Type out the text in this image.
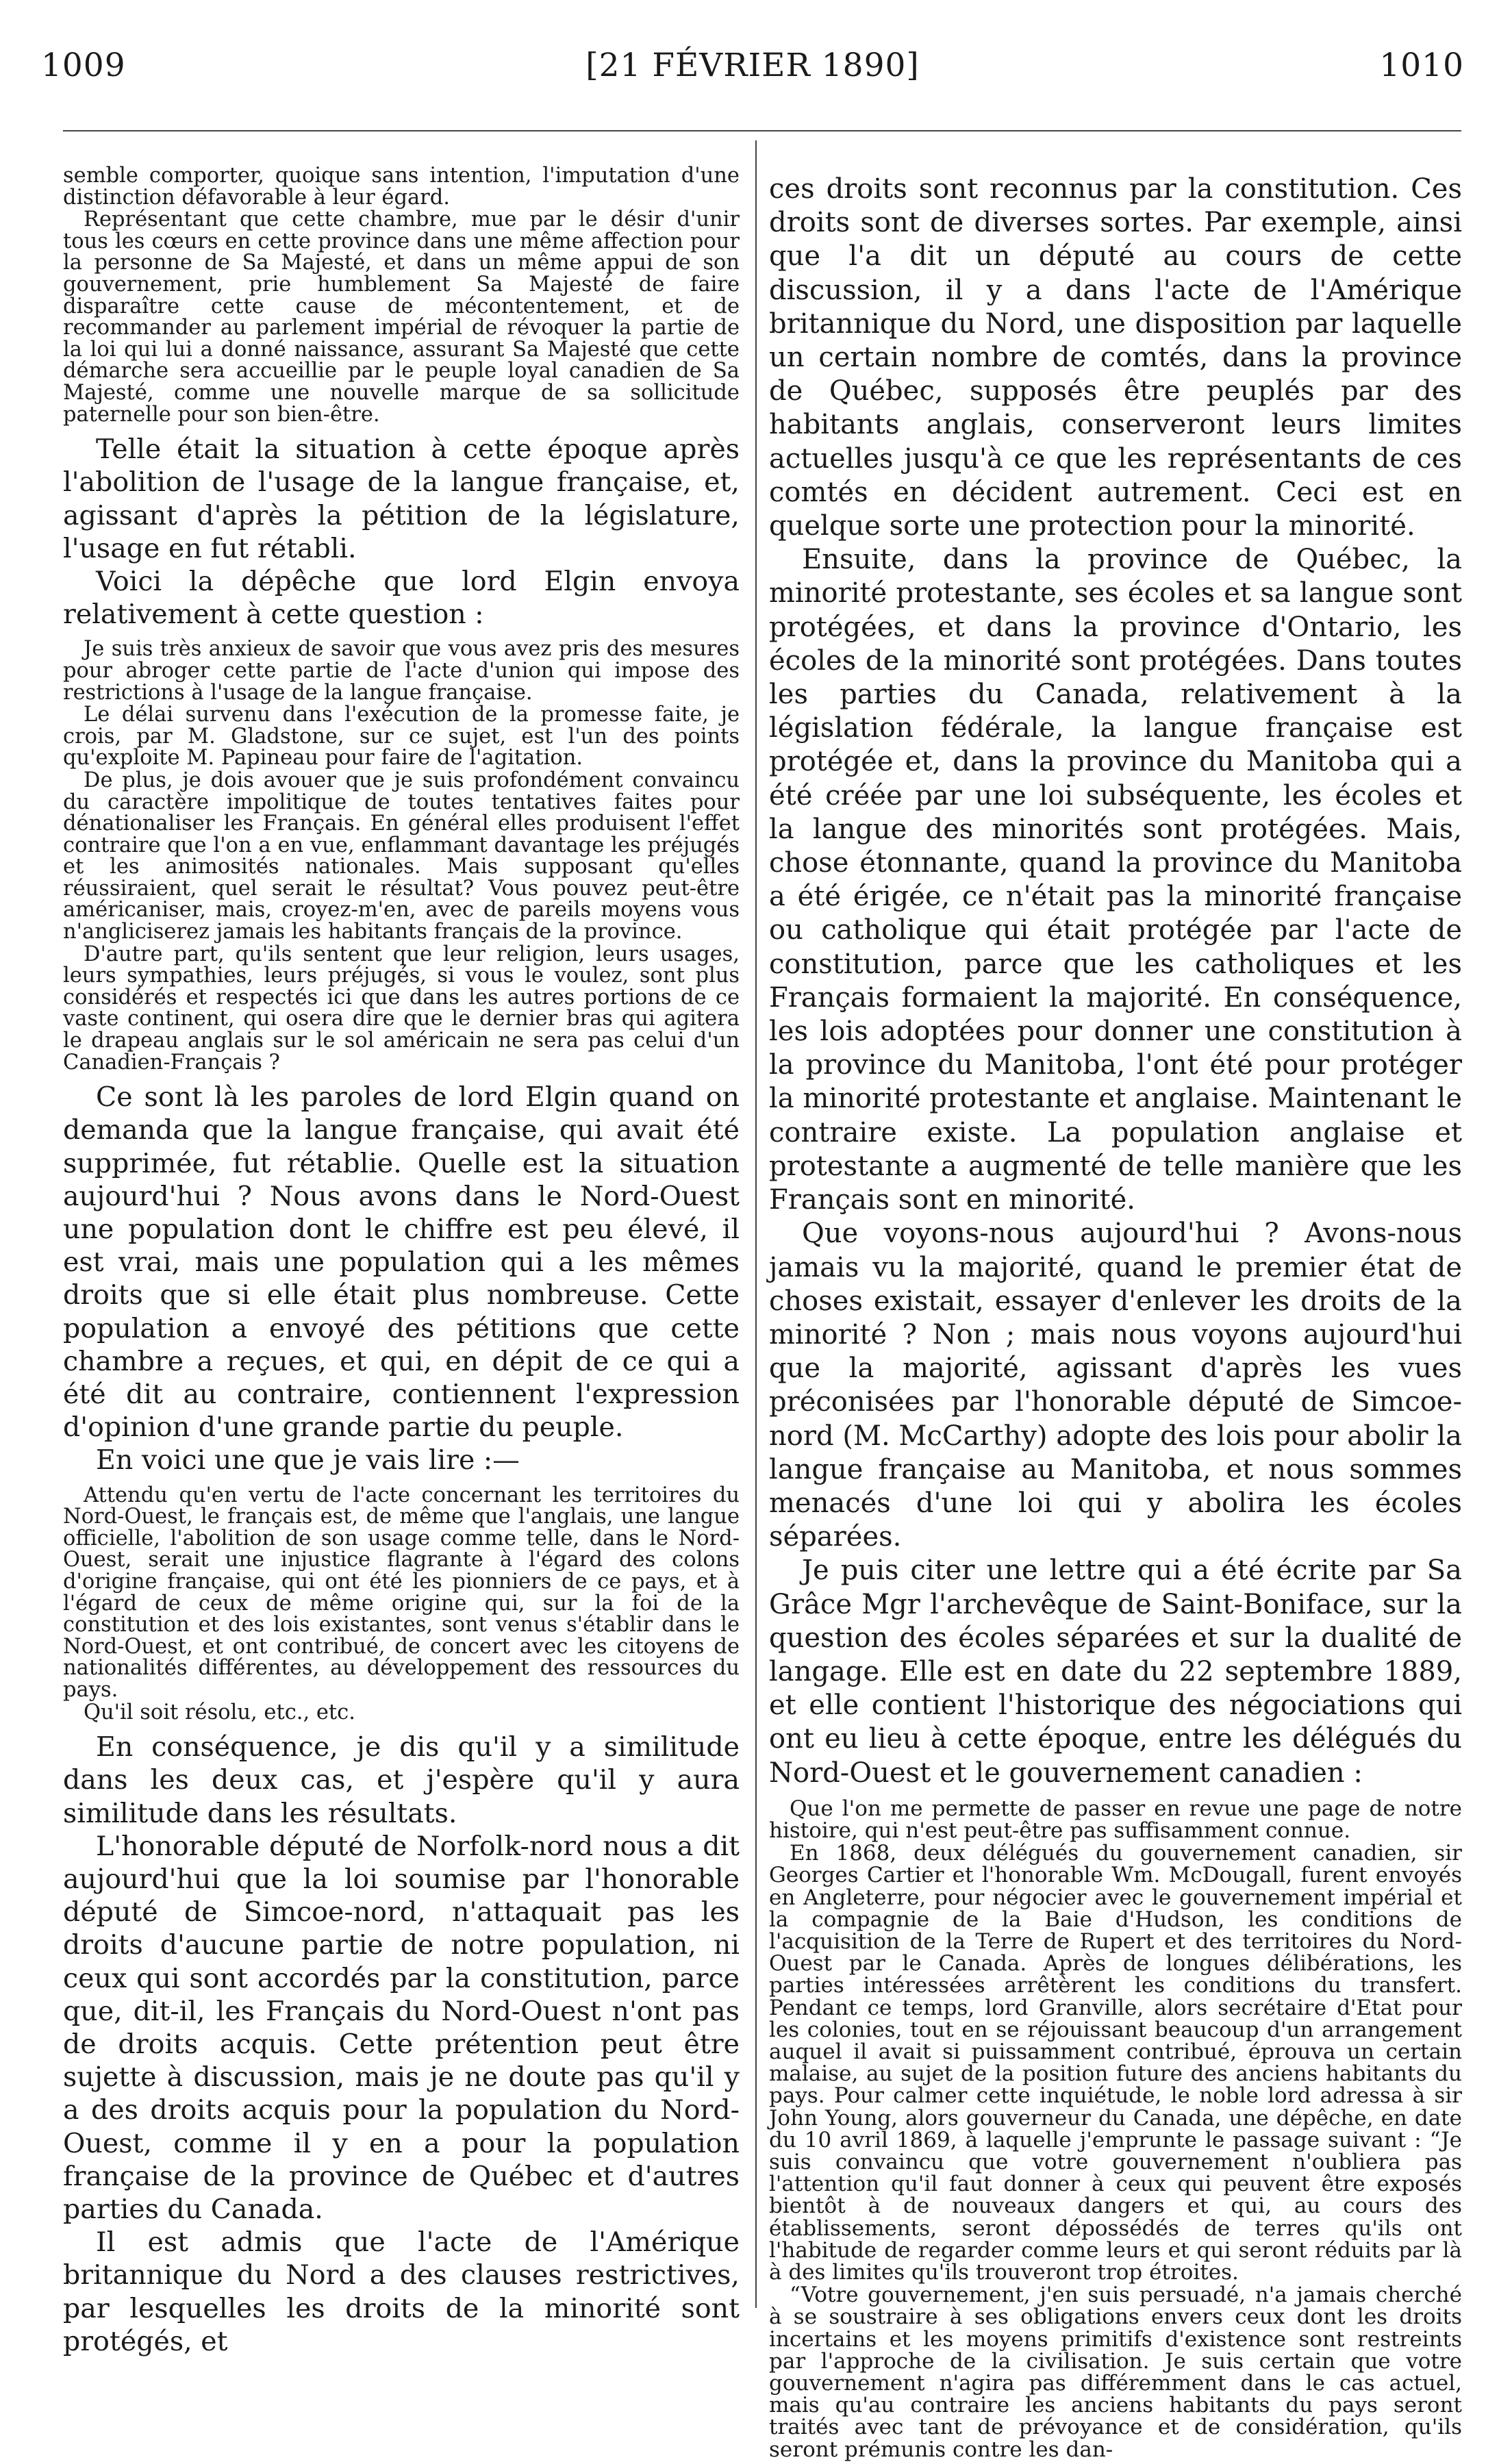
1009	[21 FÉVRIER 1890]	1010

semble comporter, quoique sans intention, l'imputation d'une distinction défavorable à leur égard.

Représentant que cette chambre, mue par le désir d'unir tous les cœurs en cette province dans une même affection pour la personne de Sa Majesté, et dans un même appui de son gouvernement, prie humblement Sa Majesté de faire disparaître cette cause de mécontentement, et de recommander au parlement impérial de révoquer la partie de la loi qui lui a donné naissance, assurant Sa Majesté que cette démarche sera accueillie par le peuple loyal canadien de Sa Majesté, comme une nouvelle marque de sa sollicitude paternelle pour son bien-être.

Telle était la situation à cette époque après l'abolition de l'usage de la langue française, et, agissant d'après la pétition de la législature, l'usage en fut rétabli.

Voici la dépêche que lord Elgin envoya relativement à cette question :

Je suis très anxieux de savoir que vous avez pris des mesures pour abroger cette partie de l'acte d'union qui impose des restrictions à l'usage de la langue française.

Le délai survenu dans l'exécution de la promesse faite, je crois, par M. Gladstone, sur ce sujet, est l'un des points qu'exploite M. Papineau pour faire de l'agitation.

De plus, je dois avouer que je suis profondément convaincu du caractère impolitique de toutes tentatives faites pour dénationaliser les Français. En général elles produisent l'effet contraire que l'on a en vue, enflammant davantage les préjugés et les animosités nationales. Mais supposant qu'elles réussiraient, quel serait le résultat? Vous pouvez peut-être américaniser, mais, croyez-m'en, avec de pareils moyens vous n'angliciserez jamais les habitants français de la province.

D'autre part, qu'ils sentent que leur religion, leurs usages, leurs sympathies, leurs préjugés, si vous le voulez, sont plus considérés et respectés ici que dans les autres portions de ce vaste continent, qui osera dire que le dernier bras qui agitera le drapeau anglais sur le sol américain ne sera pas celui d'un Canadien-Français ?

Ce sont là les paroles de lord Elgin quand on demanda que la langue française, qui avait été supprimée, fut rétablie. Quelle est la situation aujourd'hui ? Nous avons dans le Nord-Ouest une population dont le chiffre est peu élevé, il est vrai, mais une population qui a les mêmes droits que si elle était plus nombreuse. Cette population a envoyé des pétitions que cette chambre a reçues, et qui, en dépit de ce qui a été dit au contraire, contiennent l'expression d'opinion d'une grande partie du peuple.

En voici une que je vais lire :—

Attendu qu'en vertu de l'acte concernant les territoires du Nord-Ouest, le français est, de même que l'anglais, une langue officielle, l'abolition de son usage comme telle, dans le Nord-Ouest, serait une injustice flagrante à l'égard des colons d'origine française, qui ont été les pionniers de ce pays, et à l'égard de ceux de même origine qui, sur la foi de la constitution et des lois existantes, sont venus s'établir dans le Nord-Ouest, et ont contribué, de concert avec les citoyens de nationalités différentes, au développement des ressources du pays.

Qu'il soit résolu, etc., etc.

En conséquence, je dis qu'il y a similitude dans les deux cas, et j'espère qu'il y aura similitude dans les résultats.

L'honorable député de Norfolk-nord nous a dit aujourd'hui que la loi soumise par l'honorable député de Simcoe-nord, n'attaquait pas les droits d'aucune partie de notre population, ni ceux qui sont accordés par la constitution, parce que, dit-il, les Français du Nord-Ouest n'ont pas de droits acquis. Cette prétention peut être sujette à discussion, mais je ne doute pas qu'il y a des droits acquis pour la population du Nord-Ouest, comme il y en a pour la population française de la province de Québec et d'autres parties du Canada.

Il est admis que l'acte de l'Amérique britannique du Nord a des clauses restrictives, par lesquelles les droits de la minorité sont protégés, et

ces droits sont reconnus par la constitution. Ces droits sont de diverses sortes. Par exemple, ainsi que l'a dit un député au cours de cette discussion, il y a dans l'acte de l'Amérique britannique du Nord, une disposition par laquelle un certain nombre de comtés, dans la province de Québec, supposés être peuplés par des habitants anglais, conserveront leurs limites actuelles jusqu'à ce que les représentants de ces comtés en décident autrement. Ceci est en quelque sorte une protection pour la minorité.

Ensuite, dans la province de Québec, la minorité protestante, ses écoles et sa langue sont protégées, et dans la province d'Ontario, les écoles de la minorité sont protégées. Dans toutes les parties du Canada, relativement à la législation fédérale, la langue française est protégée et, dans la province du Manitoba qui a été créée par une loi subséquente, les écoles et la langue des minorités sont protégées. Mais, chose étonnante, quand la province du Manitoba a été érigée, ce n'était pas la minorité française ou catholique qui était protégée par l'acte de constitution, parce que les catholiques et les Français formaient la majorité. En conséquence, les lois adoptées pour donner une constitution à la province du Manitoba, l'ont été pour protéger la minorité protestante et anglaise. Maintenant le contraire existe. La population anglaise et protestante a augmenté de telle manière que les Français sont en minorité.

Que voyons-nous aujourd'hui ? Avons-nous jamais vu la majorité, quand le premier état de choses existait, essayer d'enlever les droits de la minorité ? Non ; mais nous voyons aujourd'hui que la majorité, agissant d'après les vues préconisées par l'honorable député de Simcoe-nord (M. McCarthy) adopte des lois pour abolir la langue française au Manitoba, et nous sommes menacés d'une loi qui y abolira les écoles séparées.

Je puis citer une lettre qui a été écrite par Sa Grâce Mgr l'archevêque de Saint-Boniface, sur la question des écoles séparées et sur la dualité de langage. Elle est en date du 22 septembre 1889, et elle contient l'historique des négociations qui ont eu lieu à cette époque, entre les délégués du Nord-Ouest et le gouvernement canadien :

Que l'on me permette de passer en revue une page de notre histoire, qui n'est peut-être pas suffisamment connue.

En 1868, deux délégués du gouvernement canadien, sir Georges Cartier et l'honorable Wm. McDougall, furent envoyés en Angleterre, pour négocier avec le gouvernement impérial et la compagnie de la Baie d'Hudson, les conditions de l'acquisition de la Terre de Rupert et des territoires du Nord-Ouest par le Canada. Après de longues délibérations, les parties intéressées arrêtèrent les conditions du transfert. Pendant ce temps, lord Granville, alors secrétaire d'Etat pour les colonies, tout en se réjouissant beaucoup d'un arrangement auquel il avait si puissamment contribué, éprouva un certain malaise, au sujet de la position future des anciens habitants du pays. Pour calmer cette inquiétude, le noble lord adressa à sir John Young, alors gouverneur du Canada, une dépêche, en date du 10 avril 1869, à laquelle j'emprunte le passage suivant : “Je suis convaincu que votre gouvernement n'oubliera pas l'attention qu'il faut donner à ceux qui peuvent être exposés bientôt à de nouveaux dangers et qui, au cours des établissements, seront dépossédés de terres qu'ils ont l'habitude de regarder comme leurs et qui seront réduits par là à des limites qu'ils trouveront trop étroites.

“Votre gouvernement, j'en suis persuadé, n'a jamais cherché à se soustraire à ses obligations envers ceux dont les droits incertains et les moyens primitifs d'existence sont restreints par l'approche de la civilisation. Je suis certain que votre gouvernement n'agira pas différemment dans le cas actuel, mais qu'au contraire les anciens habitants du pays seront traités avec tant de prévoyance et de considération, qu'ils seront prémunis contre les dan-
